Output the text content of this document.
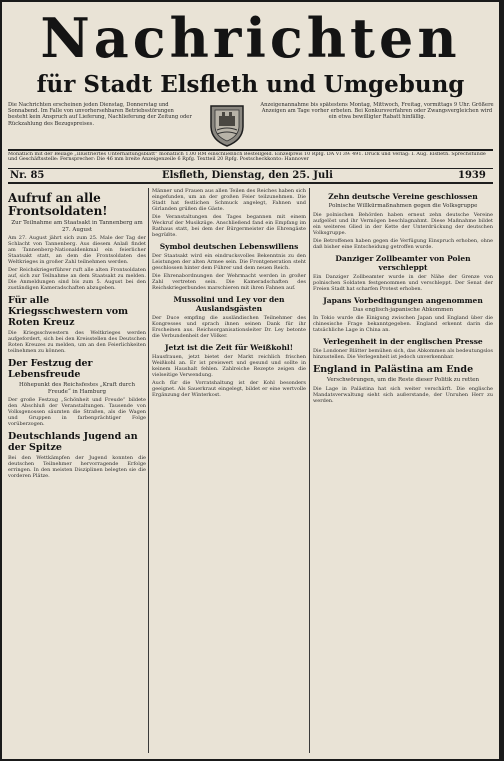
Nachrichten
für Stadt Elsfleth und Umgebung
Die Nachrichten erscheinen jeden Dienstag, Donnerstag und Sonnabend. Im Falle von unvorhersehbaren Betriebsstörungen besteht kein Anspruch auf Lieferung, Nachlieferung der Zeitung oder Rückzahlung des Bezugspreises.
Anzeigenannahme bis spätestens Montag, Mittwoch, Freitag, vormittags 9 Uhr. Größere Anzeigen am Tage vorher erbeten. Bei Konkursverfahren oder Zwangsvergleichen wird ein etwa bewilligter Rabatt hinfällig.
Monatlich mit der Beilage „Illustriertes Unterhaltungsblatt“ monatlich 1.00 RM einschließlich Bestellgeld. Einzelpreis 10 Rpfg. DA VI 39: 491. Druck und Verlag: I. Aug. Elsfleth. Sprechstunde und Geschäftsstelle: Fernsprecher: Die 46 mm breite Anzeigenzeile 6 Rpfg. Textteil 20 Rpfg. Postscheckkonto: Hannover
Nr. 85	Elsfleth, Dienstag, den 25. Juli	1939
Aufruf an alle Frontsoldaten!
Zur Teilnahme am Staatsakt in Tannenberg am 27. August

Am 27. August jährt sich zum 25. Male der Tag der Schlacht von Tannenberg. Aus diesem Anlaß findet am Tannenberg-Nationaldenkmal ein feierlicher Staatsakt statt, an dem die Frontsoldaten des Weltkrieges in großer Zahl teilnehmen werden.

Der Reichskriegerführer ruft alle alten Frontsoldaten auf, sich zur Teilnahme an dem Staatsakt zu melden. Die Anmeldungen sind bis zum 5. August bei den zuständigen Kameradschaften abzugeben.

Für alle Kriegsschwestern vom Roten Kreuz

Die Kriegsschwestern des Weltkrieges werden aufgefordert, sich bei den Kreisstellen des Deutschen Roten Kreuzes zu melden, um an den Feierlichkeiten teilnehmen zu können.

Der Festzug der Lebensfreude
Höhepunkt des Reichsfestes „Kraft durch Freude“ in Hamburg

Der große Festzug „Schönheit und Freude“ bildete den Abschluß der Veranstaltungen. Tausende von Volksgenossen säumten die Straßen, als die Wagen und Gruppen in farbenprächtiger Folge vorüberzogen.

Deutschlands Jugend an der Spitze

Bei den Wettkämpfen der Jugend konnten die deutschen Teilnehmer hervorragende Erfolge erringen. In den meisten Disziplinen belegten sie die vorderen Plätze.

Männer und Frauen aus allen Teilen des Reiches haben sich eingefunden, um an der großen Feier teilzunehmen. Die Stadt hat festlichen Schmuck angelegt, Fahnen und Girlanden grüßen die Gäste.

Die Veranstaltungen des Tages begannen mit einem Weckruf der Musikzüge. Anschließend fand ein Empfang im Rathaus statt, bei dem der Bürgermeister die Ehrengäste begrüßte.

Symbol deutschen Lebenswillens

Der Staatsakt wird ein eindrucksvolles Bekenntnis zu den Leistungen der alten Armee sein. Die Frontgeneration steht geschlossen hinter dem Führer und dem neuen Reich.

Die Ehrenabordnungen der Wehrmacht werden in großer Zahl vertreten sein. Die Kameradschaften des Reichskriegerbundes marschieren mit ihren Fahnen auf.

Mussolini und Ley vor den Auslandsgästen

Der Duce empfing die ausländischen Teilnehmer des Kongresses und sprach ihnen seinen Dank für ihr Erscheinen aus. Reichsorganisationsleiter Dr. Ley betonte die Verbundenheit der Völker.

Jetzt ist die Zeit für Weißkohl!

Hausfrauen, jetzt bietet der Markt reichlich frischen Weißkohl an. Er ist preiswert und gesund und sollte in keinem Haushalt fehlen. Zahlreiche Rezepte zeigen die vielseitige Verwendung.

Auch für die Vorratshaltung ist der Kohl besonders geeignet. Als Sauerkraut eingelegt, bildet er eine wertvolle Ergänzung der Winterkost.

Zehn deutsche Vereine geschlossen
Polnische Willkürmaßnahmen gegen die Volksgruppe

Die polnischen Behörden haben erneut zehn deutsche Vereine aufgelöst und ihr Vermögen beschlagnahmt. Diese Maßnahme bildet ein weiteres Glied in der Kette der Unterdrückung der deutschen Volksgruppe.

Die Betroffenen haben gegen die Verfügung Einspruch erhoben, ohne daß bisher eine Entscheidung getroffen wurde.

Danziger Zollbeamter von Polen verschleppt

Ein Danziger Zollbeamter wurde in der Nähe der Grenze von polnischen Soldaten festgenommen und verschleppt. Der Senat der Freien Stadt hat scharfen Protest erhoben.

Japans Vorbedingungen angenommen
Das englisch-japanische Abkommen

In Tokio wurde die Einigung zwischen Japan und England über die chinesische Frage bekanntgegeben. England erkennt darin die tatsächliche Lage in China an.

Verlegenheit in der englischen Presse

Die Londoner Blätter bemühen sich, das Abkommen als bedeutungslos hinzustellen. Die Verlegenheit ist jedoch unverkennbar.

England in Palästina am Ende
Verschwörungen, um die Reste dieser Politik zu retten

Die Lage in Palästina hat sich weiter verschärft. Die englische Mandatsverwaltung sieht sich außerstande, der Unruhen Herr zu werden.
